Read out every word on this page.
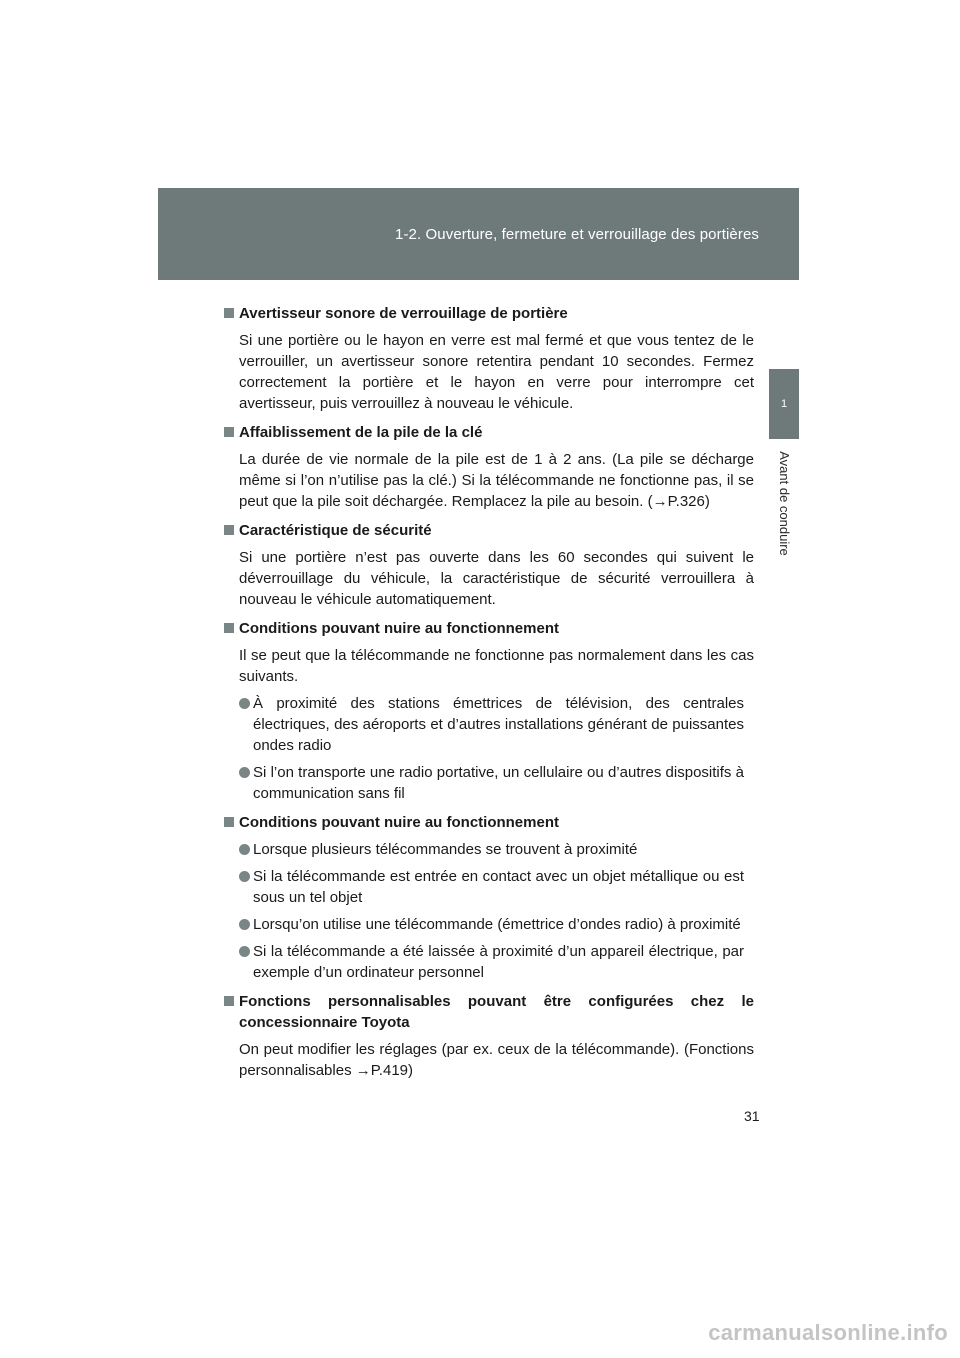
1-2. Ouverture, fermeture et verrouillage des portières
1
Avant de conduire
Avertisseur sonore de verrouillage de portière

Si une portière ou le hayon en verre est mal fermé et que vous tentez de le verrouiller, un avertisseur sonore retentira pendant 10 secondes. Fermez correctement la portière et le hayon en verre pour interrompre cet avertisseur, puis verrouillez à nouveau le véhicule.

Affaiblissement de la pile de la clé

La durée de vie normale de la pile est de 1 à 2 ans. (La pile se décharge même si l’on n’utilise pas la clé.) Si la télécommande ne fonctionne pas, il se peut que la pile soit déchargée. Remplacez la pile au besoin. (→P.326)

Caractéristique de sécurité

Si une portière n’est pas ouverte dans les 60 secondes qui suivent le déverrouillage du véhicule, la caractéristique de sécurité verrouillera à nouveau le véhicule automatiquement.

Conditions pouvant nuire au fonctionnement

Il se peut que la télécommande ne fonctionne pas normalement dans les cas suivants.

À proximité des stations émettrices de télévision, des centrales électriques, des aéroports et d’autres installations générant de puissantes ondes radio
Si l’on transporte une radio portative, un cellulaire ou d’autres dispositifs à communication sans fil
Conditions pouvant nuire au fonctionnement
Lorsque plusieurs télécommandes se trouvent à proximité
Si la télécommande est entrée en contact avec un objet métallique ou est sous un tel objet
Lorsqu’on utilise une télécommande (émettrice d’ondes radio) à proximité
Si la télécommande a été laissée à proximité d’un appareil électrique, par exemple d’un ordinateur personnel
Fonctions personnalisables pouvant être configurées chez le concessionnaire Toyota

On peut modifier les réglages (par ex. ceux de la télécommande). (Fonctions personnalisables →P.419)

31
carmanualsonline.info
